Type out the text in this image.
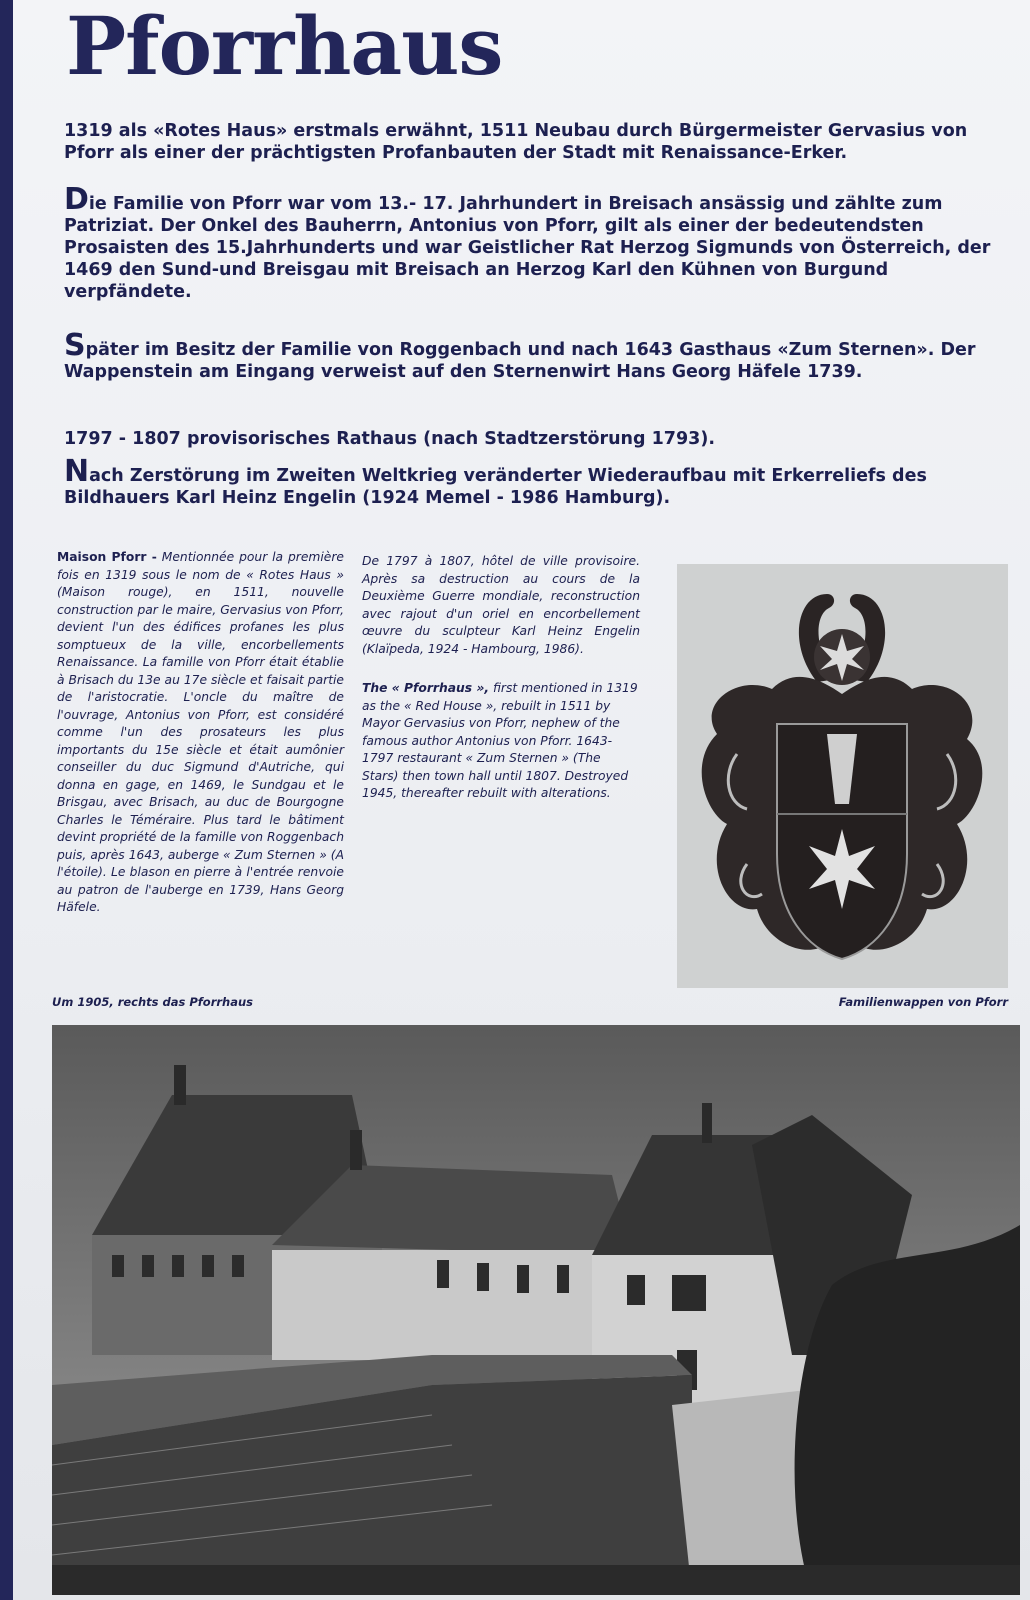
Pforrhaus

1319 als «Rotes Haus» erstmals erwähnt, 1511 Neubau durch Bürgermeister Gervasius von Pforr als einer der prächtigsten Profanbauten der Stadt mit Renaissance-Erker.

Die Familie von Pforr war vom 13.- 17. Jahrhundert in Breisach ansässig und zählte zum Patriziat. Der Onkel des Bauherrn, Antonius von Pforr, gilt als einer der bedeutendsten Prosaisten des 15.Jahrhunderts und war Geistlicher Rat Herzog Sigmunds von Österreich, der 1469 den Sund-und Breisgau mit Breisach an Herzog Karl den Kühnen von Burgund verpfändete.

Später im Besitz der Familie von Roggenbach und nach 1643 Gasthaus «Zum Sternen». Der Wappenstein am Eingang verweist auf den Sternenwirt Hans Georg Häfele 1739.

1797 - 1807 provisorisches Rathaus (nach Stadtzerstörung 1793).

Nach Zerstörung im Zweiten Weltkrieg veränderter Wiederaufbau mit Erkerreliefs des Bildhauers Karl Heinz Engelin (1924 Memel - 1986 Hamburg).

Maison Pforr - Mentionnée pour la première fois en 1319 sous le nom de « Rotes Haus » (Maison rouge), en 1511, nouvelle construction par le maire, Gervasius von Pforr, devient l'un des édifices profanes les plus somptueux de la ville, encorbellements Renaissance. La famille von Pforr était établie à Brisach du 13e au 17e siècle et faisait partie de l'aristocratie. L'oncle du maître de l'ouvrage, Antonius von Pforr, est considéré comme l'un des prosateurs les plus importants du 15e siècle et était aumônier conseiller du duc Sigmund d'Autriche, qui donna en gage, en 1469, le Sundgau et le Brisgau, avec Brisach, au duc de Bourgogne Charles le Téméraire. Plus tard le bâtiment devint propriété de la famille von Roggenbach puis, après 1643, auberge « Zum Sternen » (A l'étoile). Le blason en pierre à l'entrée renvoie au patron de l'auberge en 1739, Hans Georg Häfele.

De 1797 à 1807, hôtel de ville provisoire. Après sa destruction au cours de la Deuxième Guerre mondiale, reconstruction avec rajout d'un oriel en encorbellement œuvre du sculpteur Karl Heinz Engelin (Klaïpeda, 1924 - Hambourg, 1986).

The « Pforrhaus », first mentioned in 1319 as the « Red House », rebuilt in 1511 by Mayor Gervasius von Pforr, nephew of the famous author Antonius von Pforr. 1643-1797 restaurant « Zum Sternen » (The Stars) then town hall until 1807. Destroyed 1945, thereafter rebuilt with alterations.

Um 1905, rechts das Pforrhaus	Familienwappen von Pforr
